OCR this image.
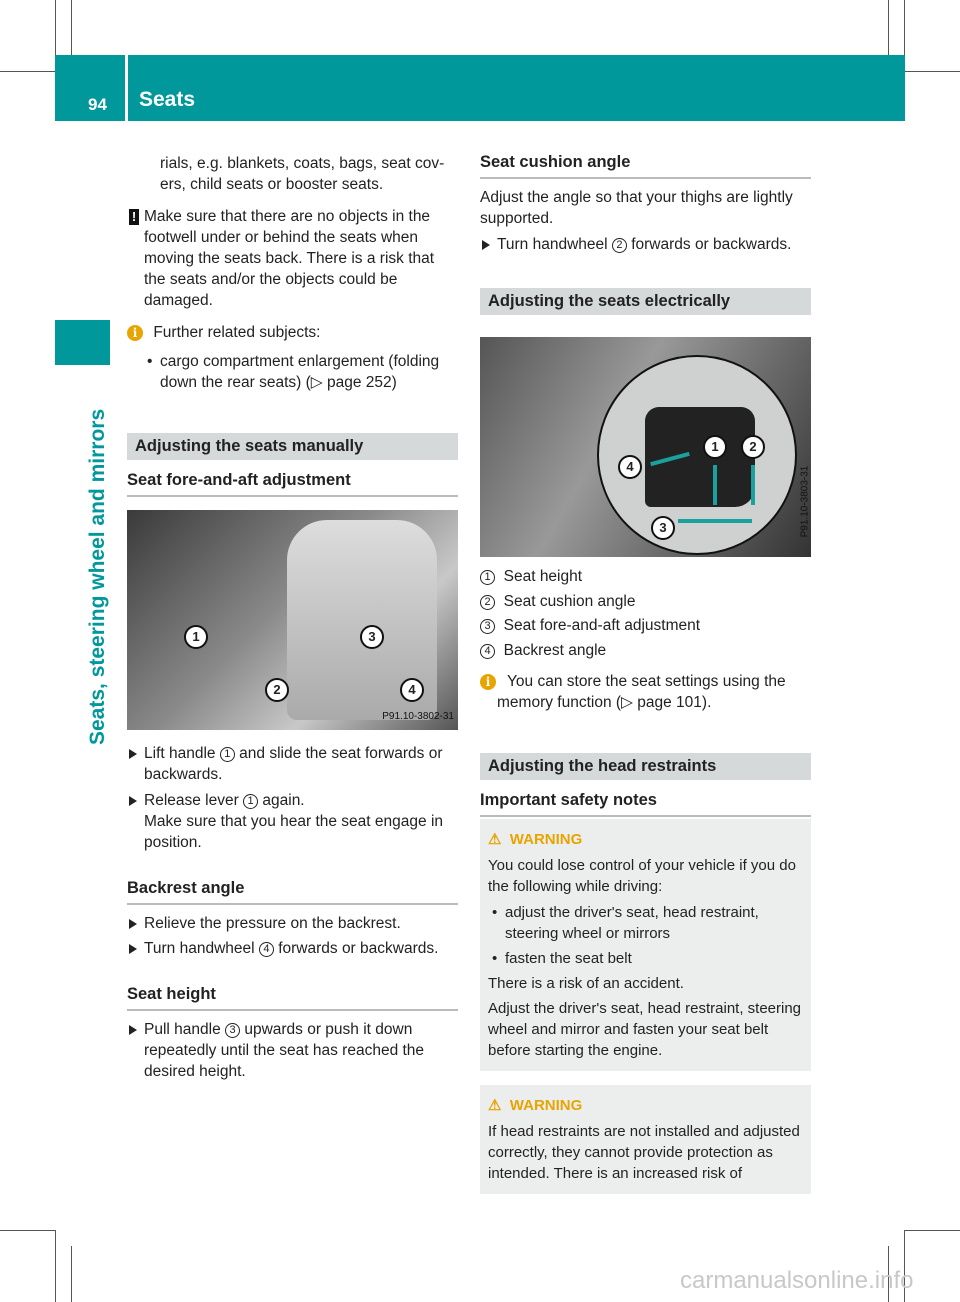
94 Seats
Seats, steering wheel and mirrors
rials, e.g. blankets, coats, bags, seat cov-
ers, child seats or booster seats.
! Make sure that there are no objects in the footwell under or behind the seats when moving the seats back. There is a risk that the seats and/or the objects could be damaged.
i Further related subjects:
• cargo compartment enlargement (folding down the rear seats) (▷ page 252)
Adjusting the seats manually
Seat fore-and-aft adjustment
1
2
3
4
P91.10-3802-31
Lift handle 1 and slide the seat forwards or backwards.
Release lever 1 again.
Make sure that you hear the seat engage in position.
Backrest angle
Relieve the pressure on the backrest.
Turn handwheel 4 forwards or backwards.
Seat height
Pull handle 3 upwards or push it down repeatedly until the seat has reached the desired height.
Seat cushion angle
Adjust the angle so that your thighs are lightly supported.
Turn handwheel 2 forwards or backwards.
Adjusting the seats electrically
1	2
3
4	P91.10-3803-31
1 Seat height
2 Seat cushion angle
3 Seat fore-and-aft adjustment
4 Backrest angle
i	You can store the seat settings using the memory function (▷ page 101).
Adjusting the head restraints
Important safety notes
⚠ WARNING
You could lose control of your vehicle if you do the following while driving:
• adjust the driver's seat, head restraint, steering wheel or mirrors
• fasten the seat belt
There is a risk of an accident.
Adjust the driver's seat, head restraint, steering wheel and mirror and fasten your seat belt before starting the engine.
⚠ WARNING
If head restraints are not installed and adjusted correctly, they cannot provide protection as intended. There is an increased risk of
carmanualsonline.info
